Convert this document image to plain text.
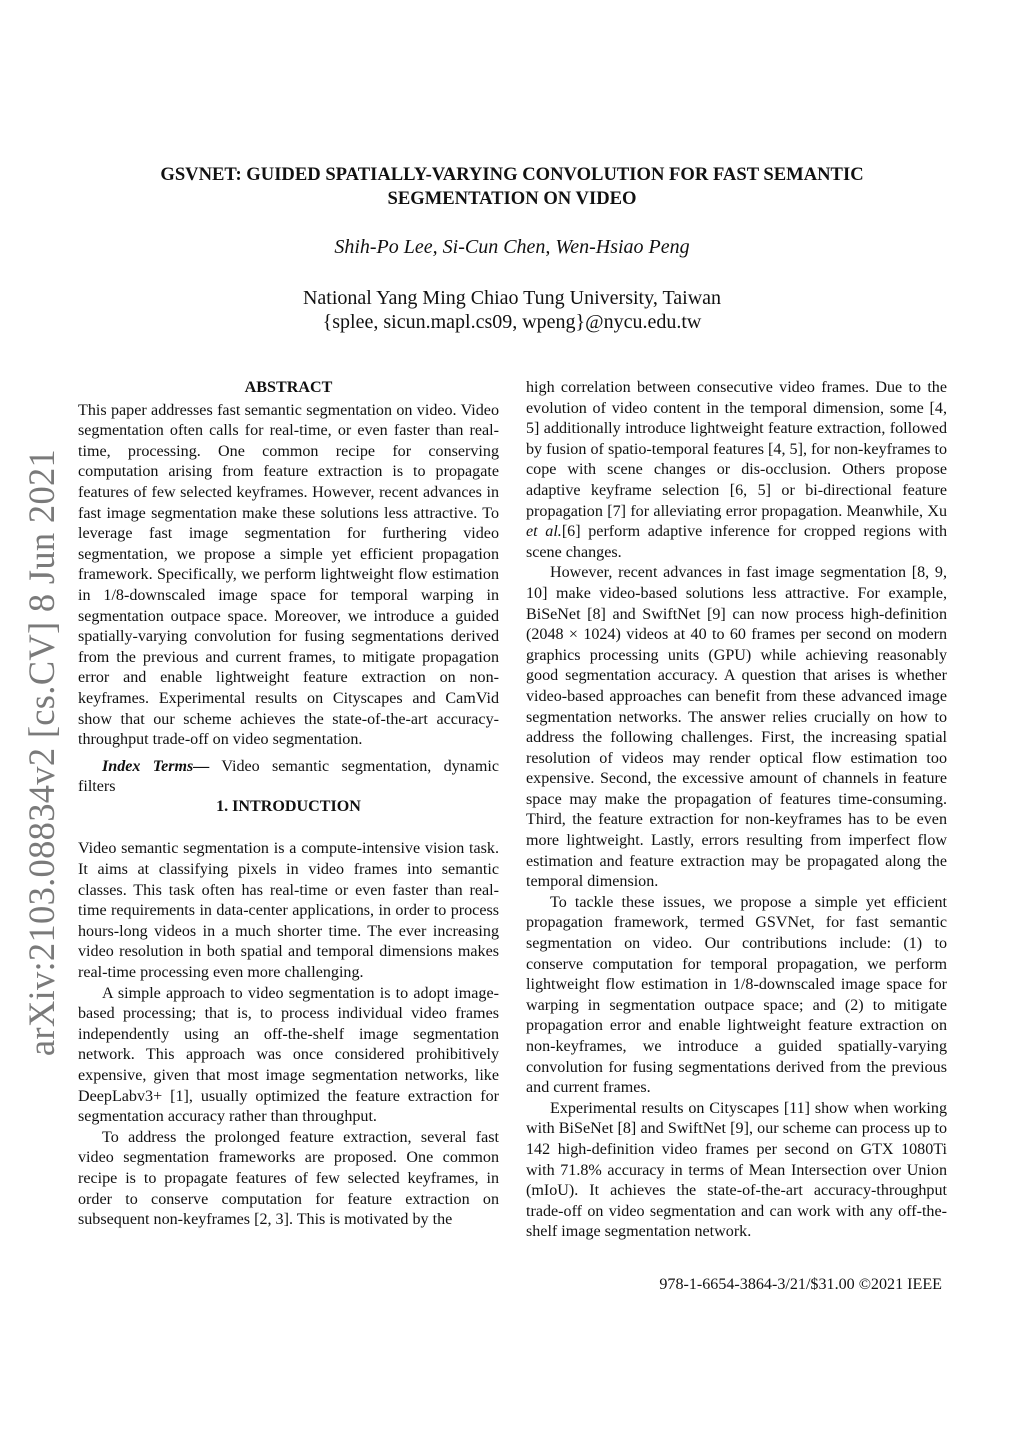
arXiv:2103.08834v2 [cs.CV] 8 Jun 2021
GSVNET: GUIDED SPATIALLY-VARYING CONVOLUTION FOR FAST SEMANTIC
SEGMENTATION ON VIDEO

Shih-Po Lee, Si-Cun Chen, Wen-Hsiao Peng

National Yang Ming Chiao Tung University, Taiwan
{splee, sicun.mapl.cs09, wpeng}@nycu.edu.tw

ABSTRACT

This paper addresses fast semantic segmentation on video. Video segmentation often calls for real-time, or even faster than real-time, processing. One common recipe for conserving computation arising from feature extraction is to propagate features of few selected keyframes. However, recent advances in fast image segmentation make these solutions less attractive. To leverage fast image segmentation for furthering video segmentation, we propose a simple yet efficient propagation framework. Specifically, we perform lightweight flow estimation in 1/8-downscaled image space for temporal warping in segmentation outpace space. Moreover, we introduce a guided spatially-varying convolution for fusing segmentations derived from the previous and current frames, to mitigate propagation error and enable lightweight feature extraction on non-keyframes. Experimental results on Cityscapes and CamVid show that our scheme achieves the state-of-the-art accuracy-throughput trade-off on video segmentation.

Index Terms— Video semantic segmentation, dynamic filters

1. INTRODUCTION

Video semantic segmentation is a compute-intensive vision task. It aims at classifying pixels in video frames into semantic classes. This task often has real-time or even faster than real-time requirements in data-center applications, in order to process hours-long videos in a much shorter time. The ever increasing video resolution in both spatial and temporal dimensions makes real-time processing even more challenging.

A simple approach to video segmentation is to adopt image-based processing; that is, to process individual video frames independently using an off-the-shelf image segmentation network. This approach was once considered prohibitively expensive, given that most image segmentation networks, like DeepLabv3+ [1], usually optimized the feature extraction for segmentation accuracy rather than throughput.

To address the prolonged feature extraction, several fast video segmentation frameworks are proposed. One common recipe is to propagate features of few selected keyframes, in order to conserve computation for feature extraction on subsequent non-keyframes [2, 3]. This is motivated by the

high correlation between consecutive video frames. Due to the evolution of video content in the temporal dimension, some [4, 5] additionally introduce lightweight feature extraction, followed by fusion of spatio-temporal features [4, 5], for non-keyframes to cope with scene changes or dis-occlusion. Others propose adaptive keyframe selection [6, 5] or bi-directional feature propagation [7] for alleviating error propagation. Meanwhile, Xu et al.[6] perform adaptive inference for cropped regions with scene changes.

However, recent advances in fast image segmentation [8, 9, 10] make video-based solutions less attractive. For example, BiSeNet [8] and SwiftNet [9] can now process high-definition (2048 × 1024) videos at 40 to 60 frames per second on modern graphics processing units (GPU) while achieving reasonably good segmentation accuracy. A question that arises is whether video-based approaches can benefit from these advanced image segmentation networks. The answer relies crucially on how to address the following challenges. First, the increasing spatial resolution of videos may render optical flow estimation too expensive. Second, the excessive amount of channels in feature space may make the propagation of features time-consuming. Third, the feature extraction for non-keyframes has to be even more lightweight. Lastly, errors resulting from imperfect flow estimation and feature extraction may be propagated along the temporal dimension.

To tackle these issues, we propose a simple yet efficient propagation framework, termed GSVNet, for fast semantic segmentation on video. Our contributions include: (1) to conserve computation for temporal propagation, we perform lightweight flow estimation in 1/8-downscaled image space for warping in segmentation outpace space; and (2) to mitigate propagation error and enable lightweight feature extraction on non-keyframes, we introduce a guided spatially-varying convolution for fusing segmentations derived from the previous and current frames.

Experimental results on Cityscapes [11] show when working with BiSeNet [8] and SwiftNet [9], our scheme can process up to 142 high-definition video frames per second on GTX 1080Ti with 71.8% accuracy in terms of Mean Intersection over Union (mIoU). It achieves the state-of-the-art accuracy-throughput trade-off on video segmentation and can work with any off-the-shelf image segmentation network.

978-1-6654-3864-3/21/$31.00 ©2021 IEEE
